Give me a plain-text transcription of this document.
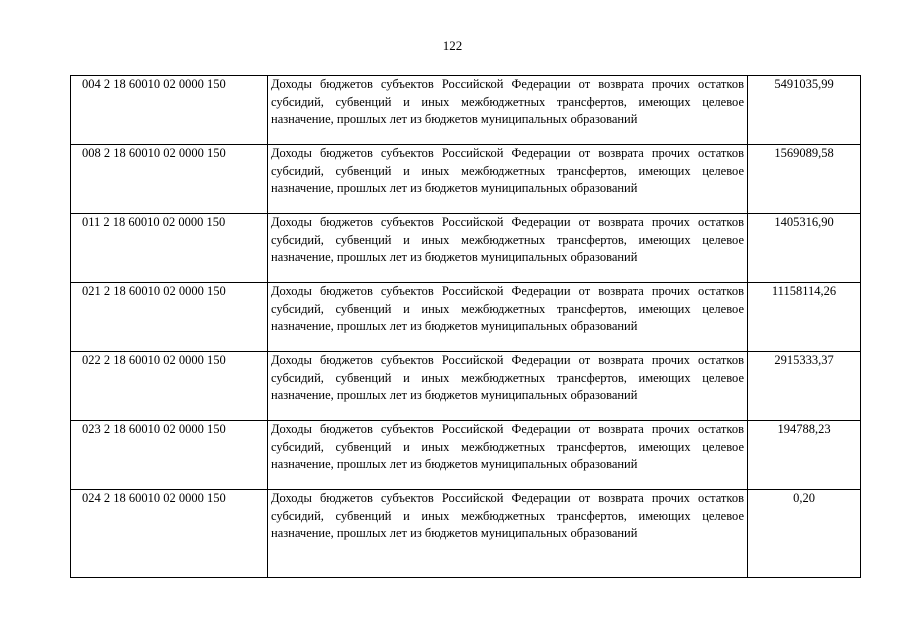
122
004 2 18 60010 02 0000 150	Доходы бюджетов субъектов Российской Федерации от возврата прочих остатков субсидий, субвенций и иных межбюджетных трансфертов, имеющих целевое назначение, прошлых лет из бюджетов муниципальных образований	5491035,99
008 2 18 60010 02 0000 150	Доходы бюджетов субъектов Российской Федерации от возврата прочих остатков субсидий, субвенций и иных межбюджетных трансфертов, имеющих целевое назначение, прошлых лет из бюджетов муниципальных образований	1569089,58
011 2 18 60010 02 0000 150	Доходы бюджетов субъектов Российской Федерации от возврата прочих остатков субсидий, субвенций и иных межбюджетных трансфертов, имеющих целевое назначение, прошлых лет из бюджетов муниципальных образований	1405316,90
021 2 18 60010 02 0000 150	Доходы бюджетов субъектов Российской Федерации от возврата прочих остатков субсидий, субвенций и иных межбюджетных трансфертов, имеющих целевое назначение, прошлых лет из бюджетов муниципальных образований	11158114,26
022 2 18 60010 02 0000 150	Доходы бюджетов субъектов Российской Федерации от возврата прочих остатков субсидий, субвенций и иных межбюджетных трансфертов, имеющих целевое назначение, прошлых лет из бюджетов муниципальных образований	2915333,37
023 2 18 60010 02 0000 150	Доходы бюджетов субъектов Российской Федерации от возврата прочих остатков субсидий, субвенций и иных межбюджетных трансфертов, имеющих целевое назначение, прошлых лет из бюджетов муниципальных образований	194788,23
024 2 18 60010 02 0000 150	Доходы бюджетов субъектов Российской Федерации от возврата прочих остатков субсидий, субвенций и иных межбюджетных трансфертов, имеющих целевое назначение, прошлых лет из бюджетов муниципальных образований	0,20
